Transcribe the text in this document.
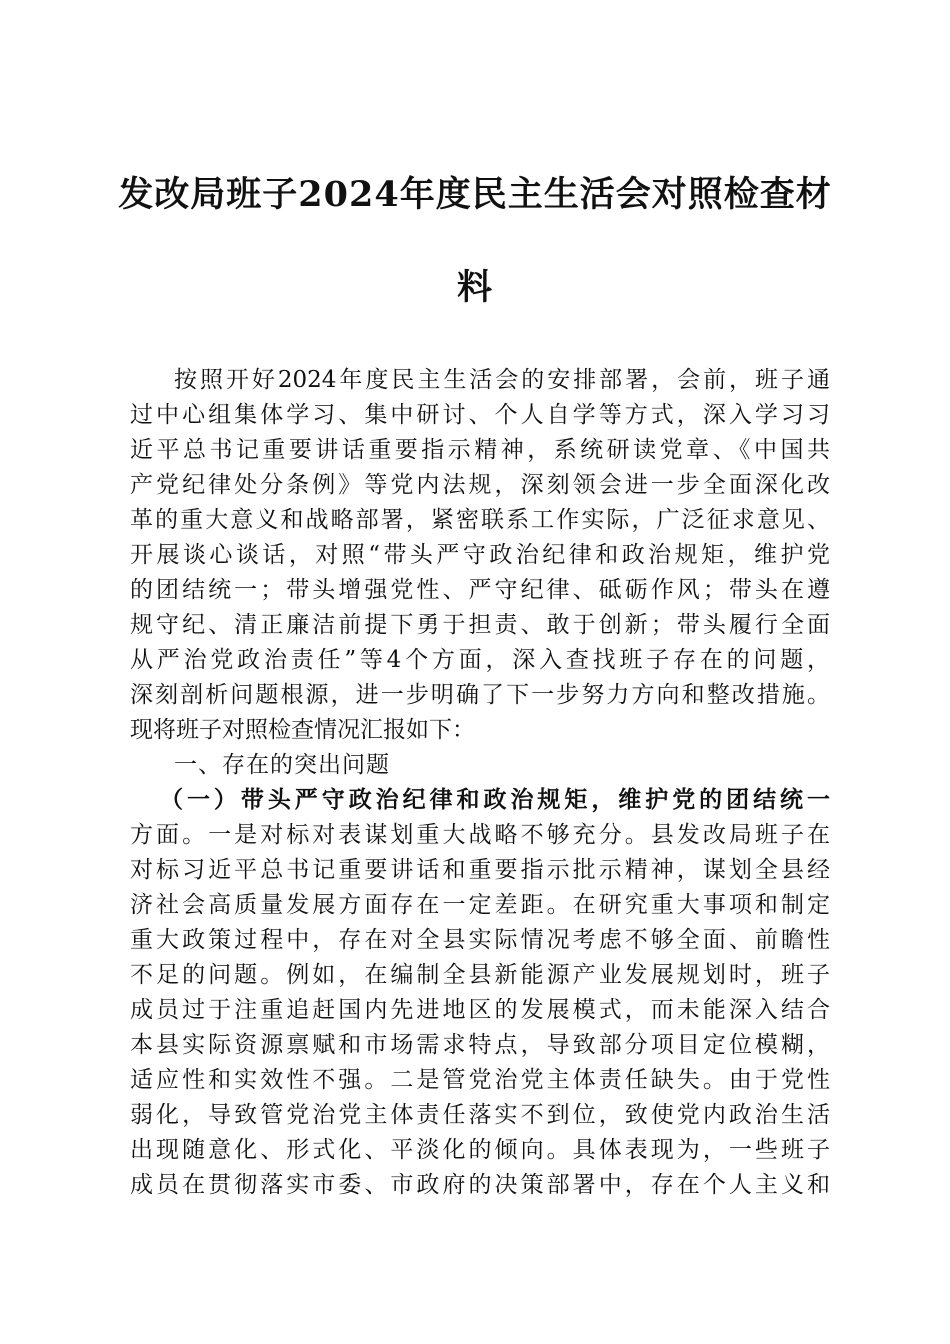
发改局班子2024年度民主生活会对照检查材
料
按照开好2024年度民主生活会的安排部署，会前，班子通
过中心组集体学习、集中研讨、个人自学等方式，深入学习习
近平总书记重要讲话重要指示精神，系统研读党章、《中国共
产党纪律处分条例》等党内法规，深刻领会进一步全面深化改
革的重大意义和战略部署，紧密联系工作实际，广泛征求意见、
开展谈心谈话，对照“带头严守政治纪律和政治规矩，维护党
的团结统一；带头增强党性、严守纪律、砥砺作风；带头在遵
规守纪、清正廉洁前提下勇于担责、敢于创新；带头履行全面
从严治党政治责任”等4个方面，深入查找班子存在的问题，
深刻剖析问题根源，进一步明确了下一步努力方向和整改措施。
现将班子对照检查情况汇报如下：
一、存在的突出问题
（一）带头严守政治纪律和政治规矩，维护党的团结统一
方面。一是对标对表谋划重大战略不够充分。县发改局班子在
对标习近平总书记重要讲话和重要指示批示精神，谋划全县经
济社会高质量发展方面存在一定差距。在研究重大事项和制定
重大政策过程中，存在对全县实际情况考虑不够全面、前瞻性
不足的问题。例如，在编制全县新能源产业发展规划时，班子
成员过于注重追赶国内先进地区的发展模式，而未能深入结合
本县实际资源禀赋和市场需求特点，导致部分项目定位模糊，
适应性和实效性不强。二是管党治党主体责任缺失。由于党性
弱化，导致管党治党主体责任落实不到位，致使党内政治生活
出现随意化、形式化、平淡化的倾向。具体表现为，一些班子
成员在贯彻落实市委、市政府的决策部署中，存在个人主义和
